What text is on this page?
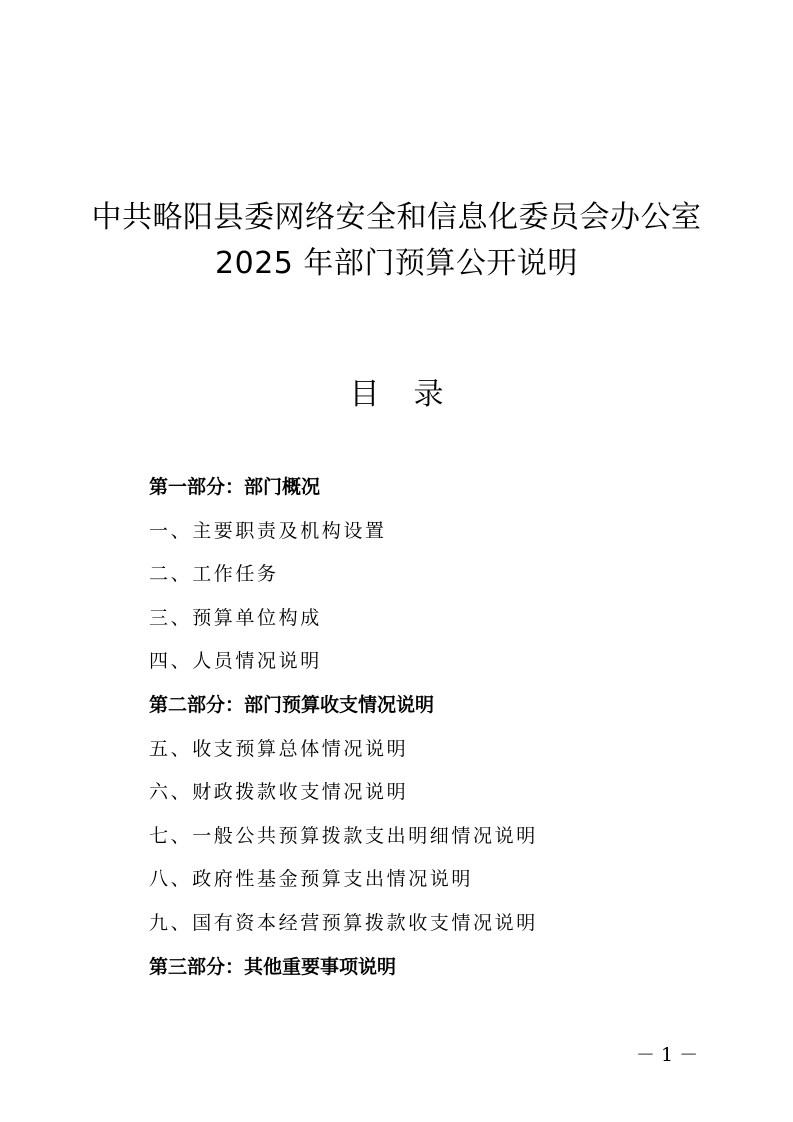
中共略阳县委网络安全和信息化委员会办公室
2025 年部门预算公开说明
目 录
第一部分：部门概况
一、主要职责及机构设置
二、工作任务
三、预算单位构成
四、人员情况说明
第二部分：部门预算收支情况说明
五、收支预算总体情况说明
六、财政拨款收支情况说明
七、一般公共预算拨款支出明细情况说明
八、政府性基金预算支出情况说明
九、国有资本经营预算拨款收支情况说明
第三部分：其他重要事项说明
－ 1 －
